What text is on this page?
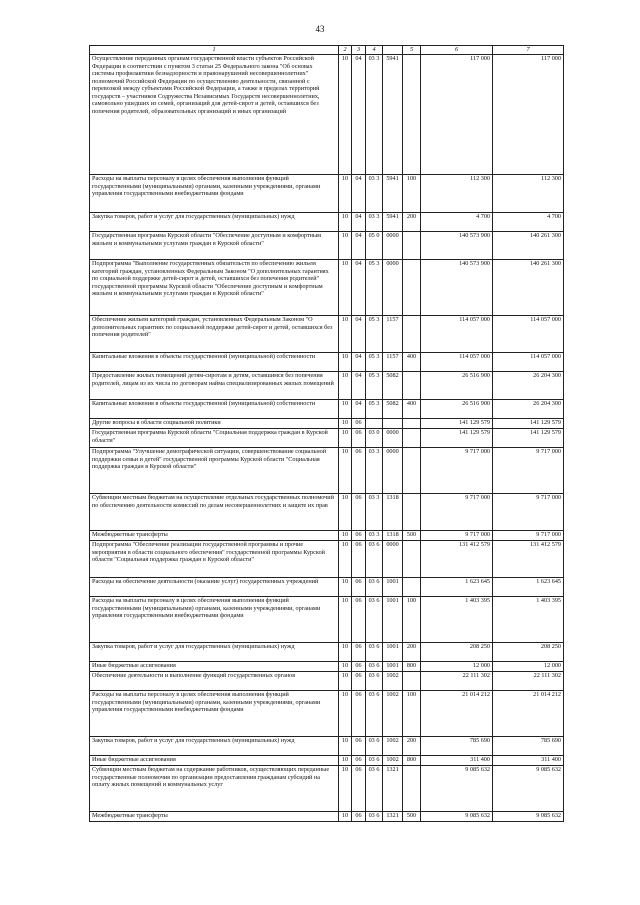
43
1	2	3	4		5	6	7
Осуществление переданных органам государственной власти субъектов Российской Федерации в соответствии с пунктом 3 статьи 25 Федерального закона "Об основах системы профилактики безнадзорности и правонарушений несовершеннолетних" полномочий Российской Федерации по осуществлению деятельности, связанной с перевозкой между субъектами Российской Федерации, а также в пределах территорий государств – участников Содружества Независимых Государств несовершеннолетних, самовольно ушедших из семей, организаций для детей-сирот и детей, оставшихся без попечения родителей, образовательных организаций и иных организаций	10	04	03 3	5941		117 000	117 000
Расходы на выплаты персоналу в целях обеспечения выполнения функций государственными (муниципальными) органами, казенными учреждениями, органами управления государственными внебюджетными фондами	10	04	03 3	5941	100	112 300	112 300
Закупка товаров, работ и услуг для государственных (муниципальных) нужд	10	04	03 3	5941	200	4 700	4 700
Государственная программа Курской области "Обеспечение доступным и комфортным жильем и коммунальными услугами граждан в Курской области"	10	04	05 0	0000		140 573 900	140 261 300
Подпрограмма "Выполнение государственных обязательств по обеспечению жильем категорий граждан, установленных Федеральным Законом "О дополнительных гарантиях по социальной поддержке детей-сирот и детей, оставшихся без попечения родителей" государственной программы Курской области "Обеспечение доступным и комфортным жильем и коммунальными услугами граждан в Курской области"	10	04	05 3	0000		140 573 900	140 261 300
Обеспечение жильем категорий граждан, установленных Федеральным Законом "О дополнительных гарантиях по социальной поддержке детей-сирот и детей, оставшихся без попечения родителей"	10	04	05 3	1157		114 057 000	114 057 000
Капитальные вложения в объекты государственной (муниципальной) собственности	10	04	05 3	1157	400	114 057 000	114 057 000
Предоставление жилых помещений детям-сиротам и детям, оставшимся без попечения родителей, лицам из их числа по договорам найма специализированных жилых помещений	10	04	05 3	5082		26 516 900	26 204 300
Капитальные вложения в объекты государственной (муниципальной) собственности	10	04	05 3	5082	400	26 516 900	26 204 300
Другие вопросы в области социальной политики	10	06				141 129 579	141 129 579
Государственная программа Курской области "Социальная поддержка граждан в Курской области"	10	06	03 0	0000		141 129 579	141 129 579
Подпрограмма "Улучшение демографической ситуации, совершенствование социальной поддержки семьи и детей" государственной программы Курской области "Социальная поддержка граждан в Курской области"	10	06	03 3	0000		9 717 000	9 717 000
Субвенции местным бюджетам на осуществление отдельных государственных полномочий по обеспечению деятельности комиссий по делам несовершеннолетних и защите их прав	10	06	03 3	1318		9 717 000	9 717 000
Межбюджетные трансферты	10	06	03 3	1318	500	9 717 000	9 717 000
Подпрограмма "Обеспечение реализации государственной программы и прочие мероприятия в области социального обеспечения" государственной программы Курской области "Социальная поддержка граждан в Курской области"	10	06	03 6	0000		131 412 579	131 412 579
Расходы на обеспечение деятельности (оказание услуг) государственных учреждений	10	06	03 6	1001		1 623 645	1 623 645
Расходы на выплаты персоналу в целях обеспечения выполнения функций государственными (муниципальными) органами, казенными учреждениями, органами управления государственными внебюджетными фондами	10	06	03 6	1001	100	1 403 395	1 403 395
Закупка товаров, работ и услуг для государственных (муниципальных) нужд	10	06	03 6	1001	200	208 250	208 250
Иные бюджетные ассигнования	10	06	03 6	1001	800	12 000	12 000
Обеспечение деятельности и выполнение функций государственных органов	10	06	03 6	1002		22 111 302	22 111 302
Расходы на выплаты персоналу в целях обеспечения выполнения функций государственными (муниципальными) органами, казенными учреждениями, органами управления государственными внебюджетными фондами	10	06	03 6	1002	100	21 014 212	21 014 212
Закупка товаров, работ и услуг для государственных (муниципальных) нужд	10	06	03 6	1002	200	785 690	785 690
Иные бюджетные ассигнования	10	06	03 6	1002	800	311 400	311 400
Субвенции местным бюджетам на содержание работников, осуществляющих переданные государственные полномочия по организации предоставления гражданам субсидий на оплату жилых помещений и коммунальных услуг	10	06	03 6	1321		9 085 632	9 085 632
Межбюджетные трансферты	10	06	03 6	1321	500	9 085 632	9 085 632
